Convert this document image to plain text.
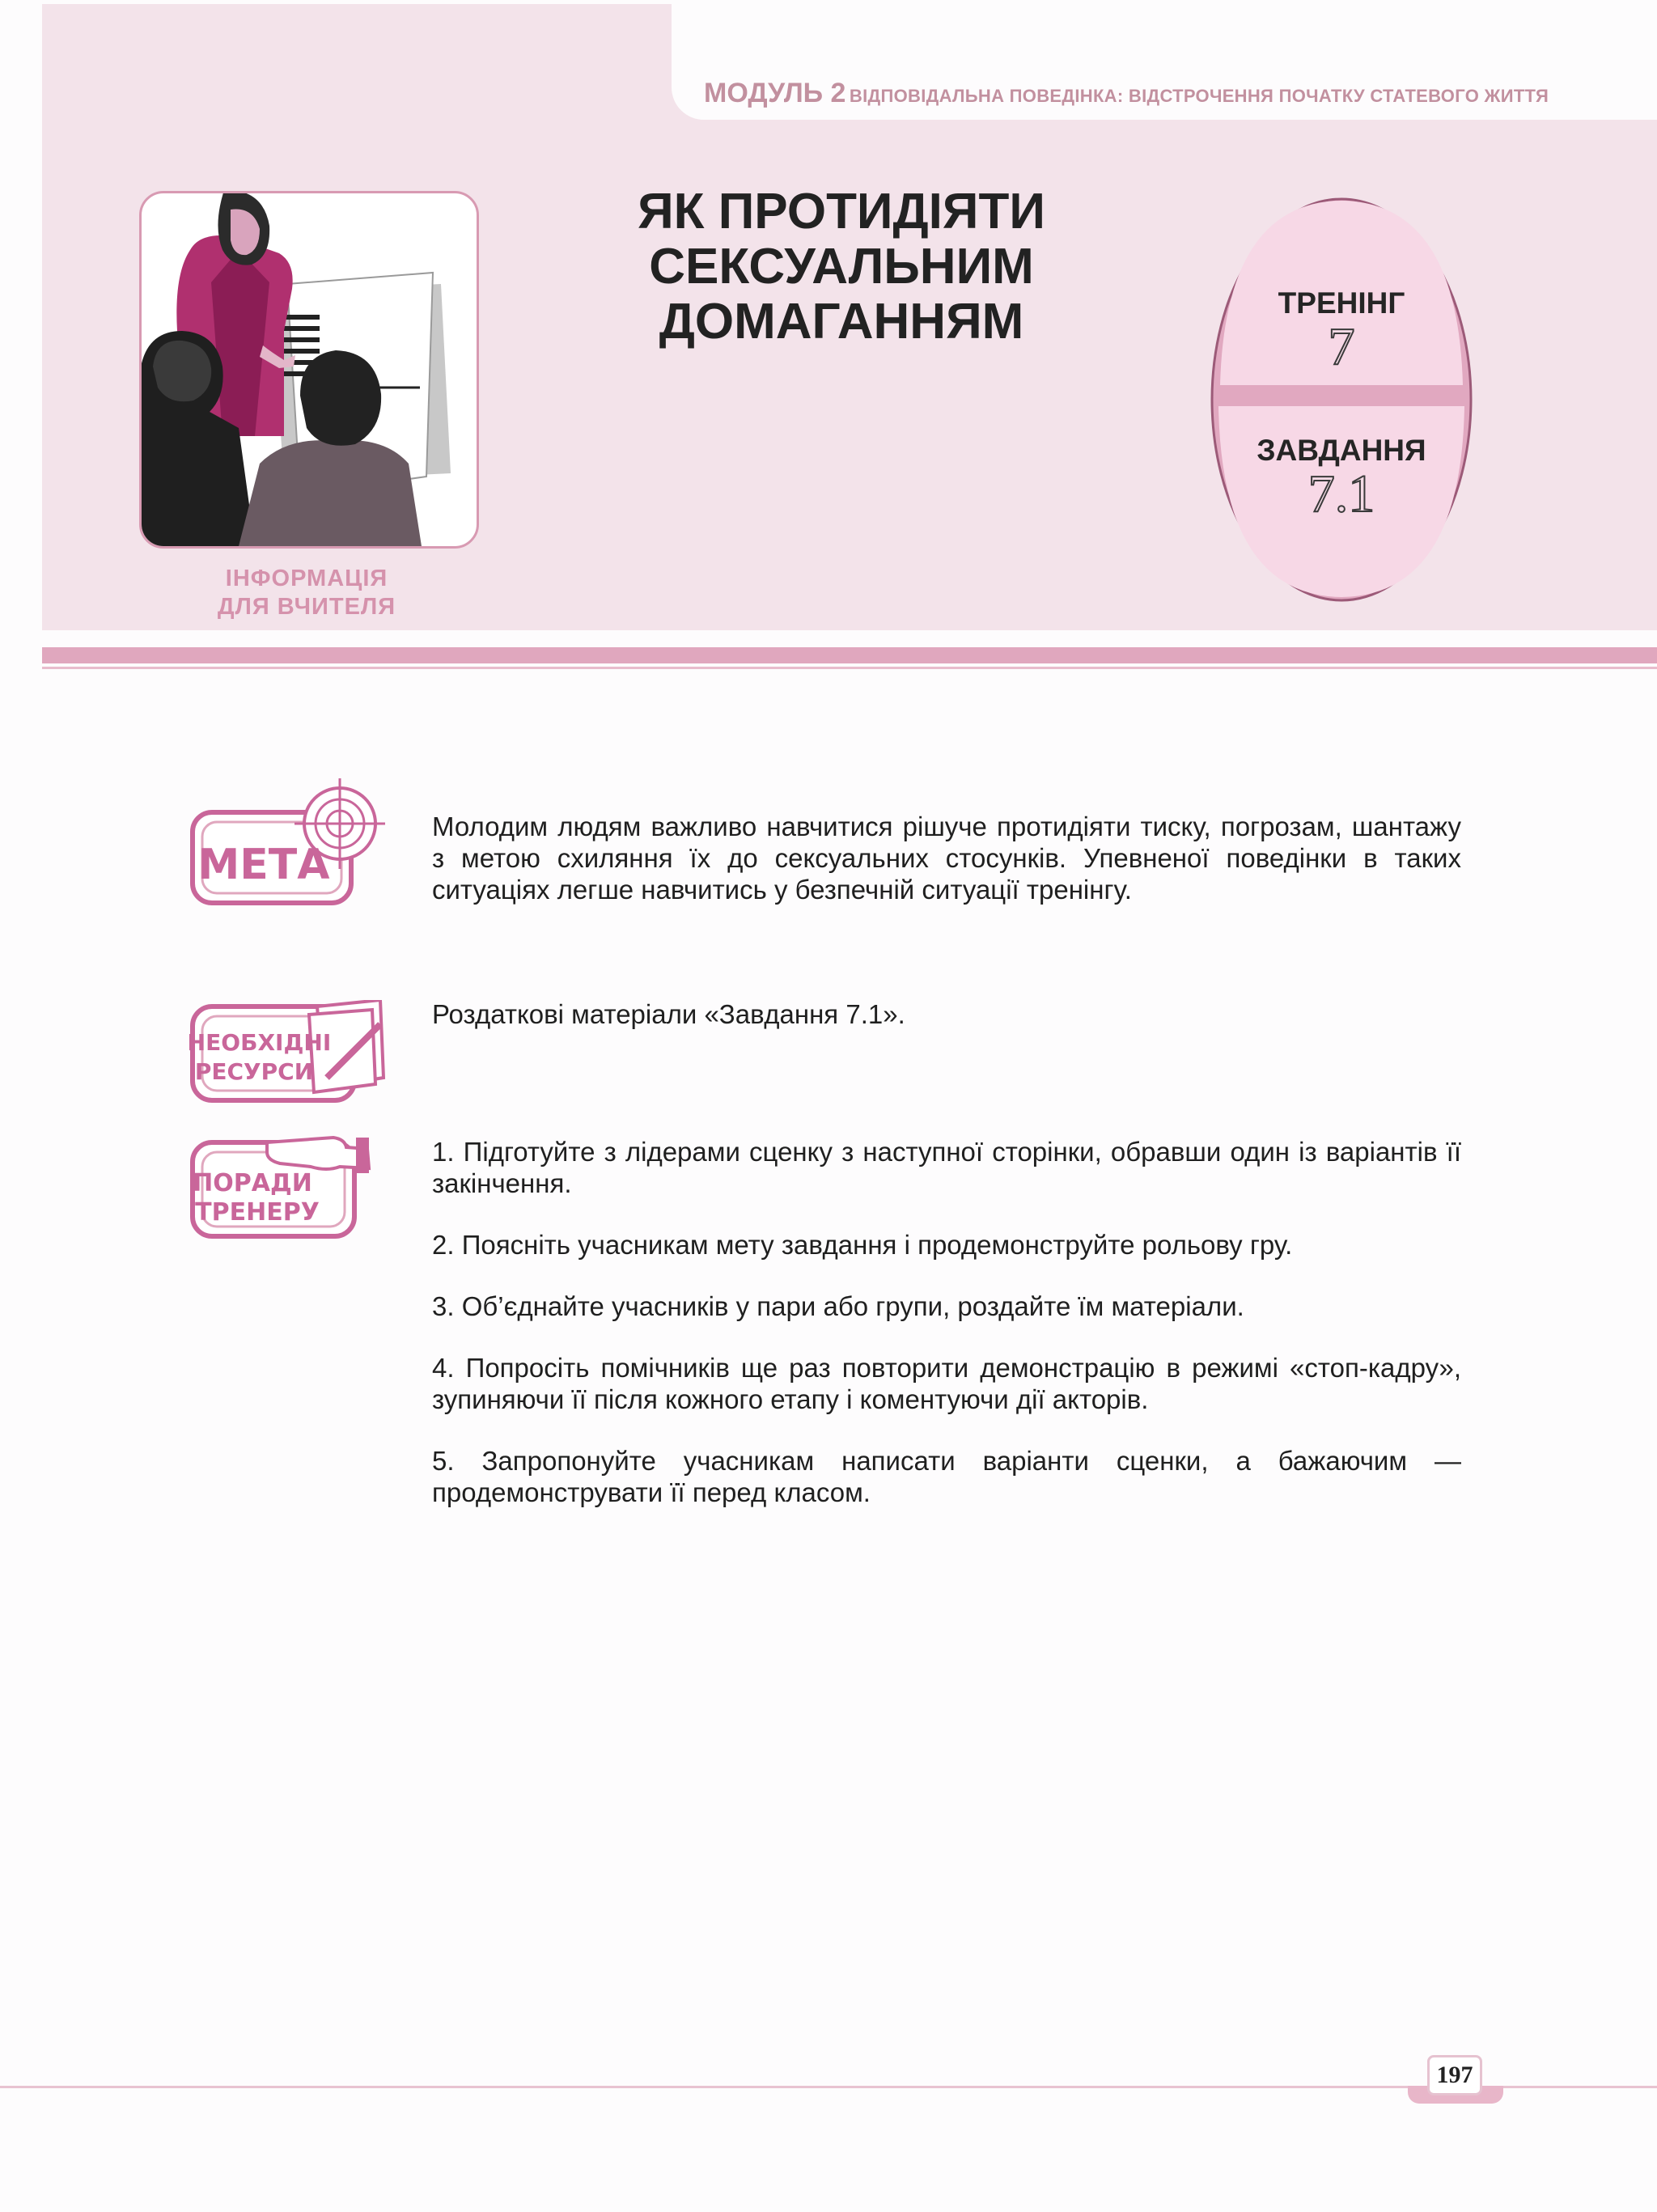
МОДУЛЬ 2 ВІДПОВІДАЛЬНА ПОВЕДІНКА: ВІДСТРОЧЕННЯ ПОЧАТКУ СТАТЕВОГО ЖИТТЯ
ІНФОРМАЦІЯ
ДЛЯ ВЧИТЕЛЯ
ЯК ПРОТИДІЯТИ
СЕКСУАЛЬНИМ
ДОМАГАННЯМ	ТРЕНІНГ
7
ЗАВДАННЯ
7.1
МЕТА
Молодим людям важливо навчитися рішуче протидіяти тиску, погрозам, шантажу з метою схиляння їх до сексуальних стосунків. Упевненої поведінки в таких ситуаціях легше навчитись у безпечній ситуації тренінгу.
НЕОБХІДНІ
РЕСУРСИ
Роздаткові матеріали «Завдання 7.1».
ПОРАДИ
ТРЕНЕРУ

1. Підготуйте з лідерами сценку з наступної сторінки, обравши один із варіантів її закінчення.

2. Поясніть учасникам мету завдання і продемонструйте рольову гру.

3. Об’єднайте учасників у пари або групи, роздайте їм матеріали.

4. Попросіть помічників ще раз повторити демонстрацію в режимі «стоп-кадру», зупиняючи її після кожного етапу і коментуючи дії акторів.

5. Запропонуйте учасникам написати варіанти сценки, а бажаючим — продемонструвати її перед класом.

197
